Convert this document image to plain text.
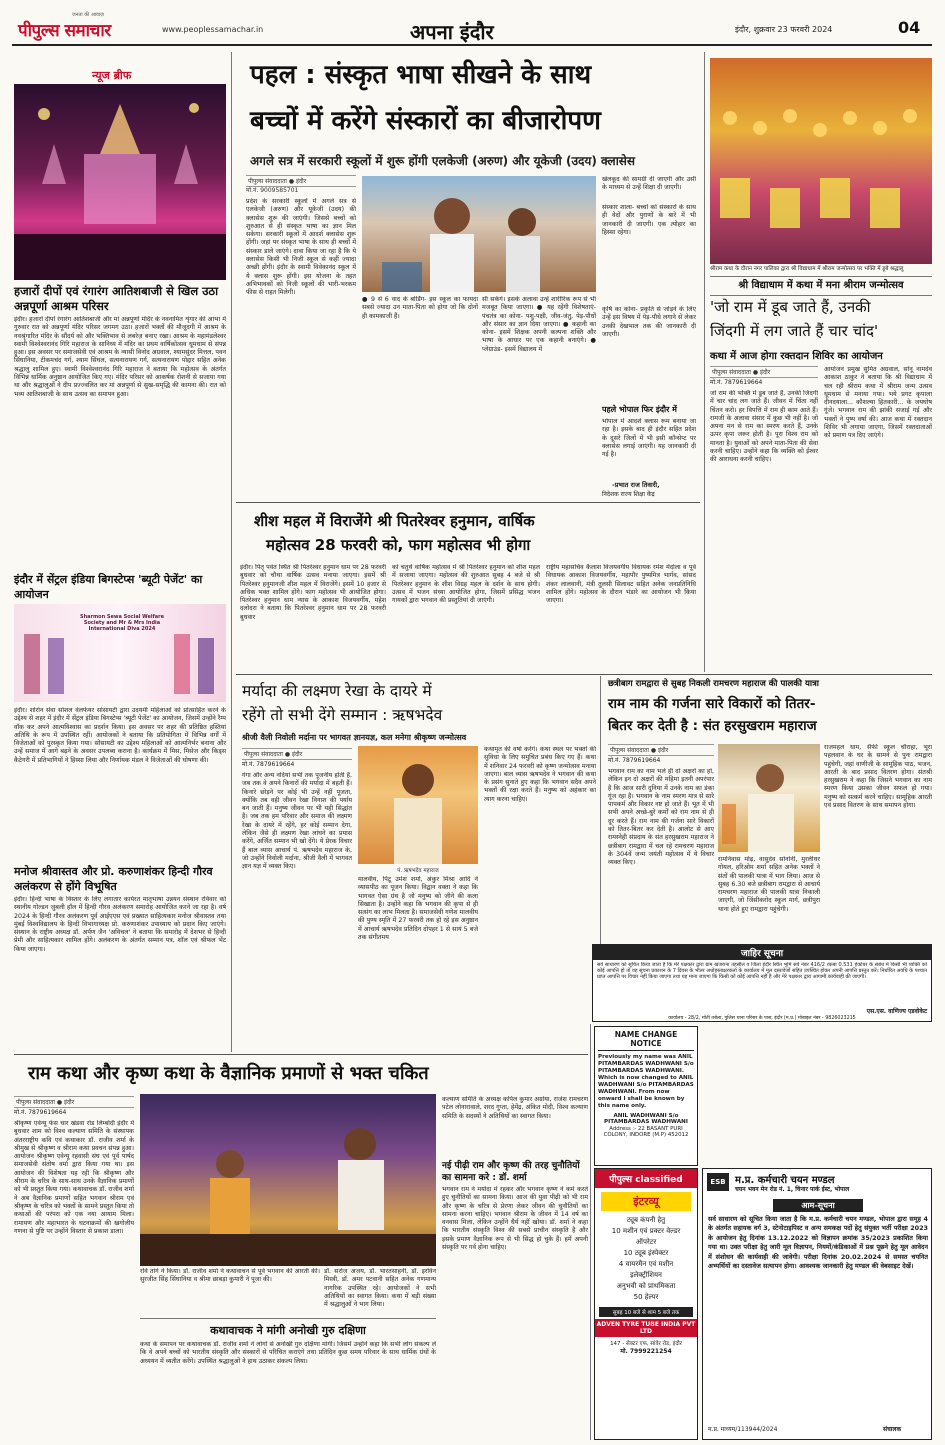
पीपुल्स समाचार
जनता की आवाज़
www.peoplessamachar.in	अपना इंदौर	इंदौर, शुक्रवार 23 फरवरी 2024	04
न्यूज ब्रीफ
हजारों दीपों एवं रंगारंग आतिशबाजी से खिल उठा अन्नपूर्णा आश्रम परिसर
इंदौर। हजारों दीपों रंगारंग आतिशबाजी और मां अन्नपूर्णा मंदिर के नवनामित शृंगार की आभा में गुरुवार रात को अन्नपूर्णा मंदिर परिसर जगमग उठा। हजारों भक्तों की मौजूदगी में आश्रम के नवश्रृंगारित मंदिर के सौंदर्य को और भक्तिभाव से लबरेज़ बनाए रखा। आश्रम के महामंडलेश्वर स्वामी विश्वेश्वरानंद गिरि महाराज के सानिध्य में मंदिर का प्रथम वार्षिकोत्सव धूमधाम से संपन्न हुआ। इस अवसर पर समाजसेवी एवं आश्रम के न्यासी विनोद अग्रवाल, श्यामसुंदर मित्तल, पवन सिंघानिया, टीकमचंद गर्ग, श्याम सिंघल, सत्यनारायण गर्ग, सत्यनारायण पोद्दार सहित अनेक श्रद्धालु शामिल हुए। स्वामी विश्वेश्वरानंद गिरि महाराज ने बताया कि महोत्सव के अंतर्गत विभिन्न धार्मिक अनुष्ठान आयोजित किए गए। मंदिर परिसर को आकर्षक रोशनी से सजाया गया था और श्रद्धालुओं ने दीप प्रज्ज्वलित कर मां अन्नपूर्णा से सुख-समृद्धि की कामना की। रात को भव्य आतिशबाजी के साथ उत्सव का समापन हुआ।
इंदौर में सेंट्रल इंडिया बिगस्टेप्स 'ब्यूटी पेजेंट' का आयोजन
Sharmon Sewa Social Welfare Society and Mr & Mrs India International Diva 2024
इंदौर। शोरोन सेवा सोशल वेलफेयर सोसायटी द्वारा उदयमी महिलाओं को प्रोत्साहित करने के उद्देश्य से शहर में इंदौर में सेंट्रल इंडिया बिगस्टेप्स 'ब्यूटी पेजेंट' का आयोजन, जिसमें उन्होंने रैम्प वॉक कर अपने आत्मविश्वास का प्रदर्शन किया। इस अवसर पर शहर की प्रतिष्ठित हस्तियां अतिथि के रूप में उपस्थित रहीं। आयोजकों ने बताया कि प्रतियोगिता में विभिन्न वर्गों में विजेताओं को पुरस्कृत किया गया। सोसायटी का उद्देश्य महिलाओं को आत्मनिर्भर बनाना और उन्हें समाज में आगे बढ़ने के अवसर उपलब्ध कराना है। कार्यक्रम में मिस, मिसेज और किड्स कैटेगरी में प्रतिभागियों ने हिस्सा लिया और निर्णायक मंडल ने विजेताओं की घोषणा की।
मनोज श्रीवास्तव और प्रो. करुणाशंकर हिन्दी गौरव अलंकरण से होंगे विभूषित
इंदौर। हिन्दी भाषा के विस्तार के लिए लगातार कार्यरत मातृभाषा उन्नयन संस्थान रविवार को स्थानीय गोल्डन जुबली हॉल में हिन्दी गौरव अलंकरण समारोह आयोजित करने जा रहा है। वर्ष 2024 के हिन्दी गौरव अलंकरण पूर्व आईएएस एवं प्रख्यात साहित्यकार मनोज श्रीवास्तव तथा मुंबई विश्वविद्यालय के हिन्दी विभागाध्यक्ष प्रो. करुणाशंकर उपाध्याय को प्रदान किए जाएंगे। संस्थान के राष्ट्रीय अध्यक्ष डॉ. अर्पण जैन 'अविचल' ने बताया कि समारोह में देशभर से हिन्दी प्रेमी और साहित्यकार शामिल होंगे। अलंकरण के अंतर्गत सम्मान पत्र, शॉल एवं श्रीफल भेंट किया जाएगा।
पहल : संस्कृत भाषा सीखने के साथ
बच्चों में करेंगे संस्कारों का बीजारोपण
अगले सत्र में सरकारी स्कूलों में शुरू होंगी एलकेजी (अरुण) और यूकेजी (उदय) क्लासेस
पीपुल्स संवाददाता ● इंदौर
मो.नं. 9009585701
प्रदेश के सरकारी स्कूलों में अगले सत्र से एलकेजी (अरुण) और यूकेजी (उदय) की क्लासेस शुरू की जाएंगी। जिससे बच्चों को शुरुआत से ही संस्कृत भाषा का ज्ञान मिल सकेगा। सरकारी स्कूलों में आदर्श क्लासेस शुरू होंगी। जहां पर संस्कृत भाषा के साथ ही बच्चों में संस्कार डाले जाएंगे। दावा किया जा रहा है कि ये क्लासेस किसी भी निजी स्कूल से कहीं ज्यादा अच्छी होंगी। इंदौर के स्वामी विवेकानंद स्कूल में ये क्लास शुरू होंगी। इस योजना के तहत अभिभावकों को निजी स्कूलों की भारी-भरकम फीस से राहत मिलेगी।
खेलकूद की सामग्री दी जाएगी और उसी के माध्यम से उन्हें शिक्षा दी जाएगी।
संस्कार शाला- बच्चों को संस्कारों के साथ ही वेदों और पुराणों के बारे में भी जानकारी दी जाएगी। एक त्योहार का हिस्सा रहेगा।
कृषि का कोना- प्रकृति से जोड़ने के लिए उन्हें इस विषय में पेड़-पौधे लगाने से लेकर उनकी देखभाल तक की जानकारी दी जाएगी।
● 9 से 6 वाद के बोर्डिंग- इस स्कूल का फायदा सबसे ज्यादा उन माता-पिता को होगा जो कि दोनों ही कामकाजी हैं।
सी सकेंगे। इसके अलावा उन्हें शारीरिक रूप से भी मजबूत किया जाएगा। ● यह रहेंगी विशेषताएं- पंचतंत्र का कोना- पशु-पक्षी, जीव-जंतु, पेड़-पौधों और संसार का ज्ञान दिया जाएगा। ● कहानी का कोना- इसमें शिक्षक अपनी कल्पना शक्ति और भाषा के आधार पर एक कहानी बनाएंगे। ● प्लेग्राउंड- इसमें विद्यालय में
पहले भोपाल फिर इंदौर में
भोपाल में आदर्श क्लास रूम बनाया जा रहा है। इसके बाद ही इंदौर सहित प्रदेश के दूसरे जिलों में भी इसी कॉन्सेप्ट पर क्लासेस लगाई जाएंगी। यह जानकारी दी गई है।
-प्रभात राज तिवारी,
निदेशक राज्य शिक्षा केंद्र
श्रीराम कथा के दौरान नगर पालिका द्वारा श्री विद्याधाम में श्रीराम जन्मोत्सव पर भक्ति में डूबे श्रद्धालु
श्री विद्याधाम में कथा में मना श्रीराम जन्मोत्सव
'जो राम में डूब जाते हैं, उनकी
जिंदगी में लग जाते हैं चार चांद'
कथा में आज होगा रक्तदान शिविर का आयोजन
पीपुल्स संवाददाता ● इंदौर
मो.नं. 7879619664
जो राम की भक्ति में डूब जाते हैं, उनकी जिंदगी में चार चांद लग जाते हैं। जीवन में चिंता नहीं चिंतन करो। हर विपत्ति में राम ही काम आते हैं। रामजी के अलावा संसार में कुछ भी नहीं है। जो अपना मन से राम का स्मरण करते हैं, उनके ऊपर कृपा जरूर होती है। पूरा विश्व राम को मानता है। युवाओं को अपने माता-पिता की सेवा करनी चाहिए। उन्होंने कहा कि व्यक्ति को ईश्वर की आराधना करनी चाहिए।
आयोजन प्रमुख सुमित अग्रवाल, सोनू नामदेव आकाश ठाकुर ने बताया कि श्री विद्याधाम में चल रही श्रीराम कथा में श्रीराम जन्म उत्सव धूमधाम से मनाया गया। भये प्रगट कृपाला दीनदयाला... कौशल्या हितकारी... के जयघोष गूंजे। भगवान राम की झांकी सजाई गई और भक्तों ने पुष्प वर्षा की। आज कथा में रक्तदान शिविर भी लगाया जाएगा, जिसमें रक्तदाताओं को प्रमाण पत्र दिए जाएंगे।
शीश महल में विराजेंगे श्री पितरेश्वर हनुमान, वार्षिक
महोत्सव 28 फरवरी को, फाग महोत्सव भी होगा
इंदौर। पितृ पर्वत स्थित श्री पितरेश्वर हनुमान धाम पर 28 फरवरी बुधवार को चौथा वार्षिक उत्सव मनाया जाएगा। इसमें श्री पितरेश्वर हनुमानजी शीश महल में विराजेंगे। इसमें 10 हजार से अधिक भक्त शामिल होंगे। फाग महोत्सव भी आयोजित होगा। पितरेश्वर हनुमान धाम न्यास के आकाश विजयवर्गीय, महेश दलोदरा ने बताया कि पितरेश्वर हनुमान धाम पर 28 फरवरी बुधवार
को चतुर्थ वार्षिक महोत्सव में श्री पितरेश्वर हनुमान को शीश महल में सजाया जाएगा। महोत्सव की शुरुआत सुबह 4 बजे से श्री पितरेश्वर हनुमान के शीश विग्रह महल के दर्शन के साथ होगी। उत्सव में भजन संध्या आयोजित होगा, जिसमें प्रसिद्ध भजन गायकों द्वारा भगवान की प्रस्तुतियां दी जाएंगी।
राष्ट्रीय महासचिव कैलाश विजयवर्गीय विधायक रमेश मेंदोला व पूर्व विधायक आकाश विजयवर्गीय, महापौर पुष्यमित्र भार्गव, सांसद शंकर लालवानी, मंत्री तुलसी सिलावट सहित अनेक जनप्रतिनिधि शामिल होंगे। महोत्सव के दौरान भंडारे का आयोजन भी किया जाएगा।
मर्यादा की लक्ष्मण रेखा के दायरे में
रहेंगे तो सभी देंगे सम्मान : ऋषभदेव
श्रीजी वैली निवोली मर्दाना पर भागवत ज्ञानयज्ञ, कल मनेगा श्रीकृष्ण जन्मोत्सव
पीपुल्स संवाददाता ● इंदौर
मो.नं. 7879619664
गंगा और अन्य नदियां सभी तक पूजनीय होती हैं, जब तक वे अपने किनारों की मर्यादा में बहती हैं। किनारे छोड़ने पर कोई भी उन्हें नहीं पूजता, क्योंकि तब वही जीवन रेखा विनाश की पर्याय बन जाती हैं। मनुष्य जीवन पर भी यही सिद्धांत है। जब तक हम परिवार और समाज की लक्ष्मण रेखा के दायरे में रहेंगे, हर कोई सम्मान देगा, लेकिन जैसे ही लक्ष्मण रेखा लांघने का प्रयास करेंगे, अर्जित सम्मान भी खो देंगे। ये प्रेरक विचार हैं बाल व्यास आचार्य पं. ऋषभदेव महाराज के, जो उन्होंने निवोली मर्दाना, श्रीजी वैली में भागवत ज्ञान यज्ञ में व्यक्त किए।
पं. ऋषभदेव महाराज
मालवीय, पिंटू उमेश शर्मा, अंकुर मिश्रा आदि ने व्यासपीठ का पूजन किया। विद्वान वक्ता ने कहा कि भागवत ऐसा ग्रंथ है जो मनुष्य को जीने की कला सिखाता है। उन्होंने कहा कि भगवान की कृपा से ही सत्संग का लाभ मिलता है। समाजसेवी गणेश मालवीय की पुण्य स्मृति में 27 फरवरी तक हो रहे इस अनुष्ठान में आचार्य ऋषभदेव प्रतिदिन दोपहर 1 से सायं 5 बजे तक संगीतमय
कथामृत की वर्षा करेंगे। कथा स्थल पर भक्तों की सुविधा के लिए समुचित प्रबंध किए गए हैं। कथा में शनिवार 24 फरवरी को कृष्ण जन्मोत्सव मनाया जाएगा। बाल व्यास ऋषभदेव ने भगवान की कथा के प्रसंग सुनाते हुए कहा कि भगवान सदैव अपने भक्तों की रक्षा करते हैं। मनुष्य को अहंकार का त्याग करना चाहिए।
छत्रीबाग रामद्वारा से सुबह निकली रामचरण महाराज की पालकी यात्रा
राम नाम की गर्जना सारे विकारों को तितर-
बितर कर देती है : संत हरसुखराम महाराज
पीपुल्स संवाददाता ● इंदौर
मो.नं. 7879619664
भगवान राम का नाम भले ही दो अक्षरों का हो, लेकिन इन दो अक्षरों की महिमा इतनी अपरंपार है कि आज सारी दुनिया में उनके नाम का डंका गूंज रहा है। भगवान के नाम स्मरण मात्र से सारे पापकर्म और विकार नष्ट हो जाते हैं। भूत में भी सभी अपने अच्छे-बुरे कर्मों को राम नाम से ही दूर करते हैं। राम नाम की गर्जना सारे विकारों को तितर-बितर कर देती है। आलोट से आए रामस्नेही संप्रदाय के संत हरसुखराम महाराज ने छत्रीबाग रामद्वारा में चल रहे रामचरण महाराज के 304वें जन्म जयंती महोत्सव में ये विचार व्यक्त किए।	रामनिवास मोढ़, वासुदेव सोनोनी, मुरलीधर गोयल, हरिओम शर्मा सहित अनेक भक्तों ने संतों की पालकी यात्रा में भाग लिया। आज से सुबह 6.30 बजे छत्रीबाग रामद्वारा से आचार्य रामचरण महाराज की पालकी यात्रा निकाली जाएगी, जो जिंसीकरोद स्कूल मार्ग, छत्रीपुरा थाना होते हुए रामद्वारा पहुंचेगी।
राजमहल धाम, सैफी स्कूल चौराहा, भूरा पहलवान के घर के सामने से पुनः रामद्वारा पहुंचेगी, जहां वाणीजी के सामूहिक पाठ, भजन, आरती के बाद प्रसाद वितरण होगा। संतश्री हरसुखराम ने कहा कि जिसने भगवान का नाम स्मरण किया उसका जीवन सफल हो गया। मनुष्य को सत्कर्म करने चाहिए। सामूहिक आरती एवं प्रसाद वितरण के साथ समापन होगा।
जाहिर सूचना
सर्व साधारण को सूचित किया जाता है कि मेरे पक्षकार द्वारा ग्राम खजराना तहसील व जिला इंदौर स्थित भूमि सर्वे नंबर 416/2 रकबा 0.531 हेक्टेयर के संबंध में किसी भी व्यक्ति को कोई आपत्ति हो तो वह सूचना प्रकाशन के 7 दिवस के भीतर अधोहस्ताक्षरकर्ता के कार्यालय में मूल दस्तावेजों सहित उपस्थित होकर अपनी आपत्ति प्रस्तुत करें। निर्धारित अवधि के पश्चात प्राप्त आपत्ति पर विचार नहीं किया जाएगा तथा यह माना जाएगा कि किसी को कोई आपत्ति नहीं है और मेरे पक्षकार द्वारा आगामी कार्यवाही की जाएगी।
एस.एस. वाणिज्य एडवोकेट
कार्यालय - 28/2, मोती तबेला, पुलिस थाना परिसर के पास, इंदौर (म.प्र.) मोबाइल नंबर - 9826023215
राम कथा और कृष्ण कथा के वैज्ञानिक प्रमाणों से भक्त चकित
पीपुल्स संवाददाता ● इंदौर
मो.नं. 7879619664
श्रीकृष्ण एवेन्यू फेस चार खंडवा रोड लिम्बोदी इंदौर में बुधवार शाम को विश्व कल्याण समिति के संस्थापक अंतरराष्ट्रीय कवि एवं कथाकार डॉ. राजीव शर्मा के श्रीमुख से श्रीकृष्ण व श्रीराम कथा प्रवचन संपन्न हुआ। आयोजन श्रीकृष्ण एवेन्यू रहवासी संघ एवं पूर्व पार्षद समाजसेवी संतोष वर्मा द्वारा किया गया था। इस आयोजन की विशेषता यह रही कि श्रीकृष्ण और श्रीराम के चरित्र के साथ-साथ उनके वैज्ञानिक प्रमाणों को भी प्रस्तुत किया गया। कथावाचक डॉ. राजीव शर्मा ने अब वैज्ञानिक प्रमाणों सहित भगवान श्रीराम एवं श्रीकृष्ण के चरित्र को भक्तों के सामने प्रस्तुत किया तो कथाओं की परंपरा को एक नया आयाम मिला। रामायण और महाभारत के घटनाक्रमों की खगोलीय गणना से पुष्टि पर उन्होंने विस्तार से प्रकाश डाला।
रवि तांगे ने किया। डॉ. राजीव शर्मा ने कथावाचन से पूर्व भगवान की आरती की। सुरजीत सिंह सिंघानिया व श्रीमा छाबड़ा कुमारी ने पूजा की।
डॉ. सरोज अजय, डॉ. भारतसाहनी, डॉ. इरविन मिस्त्री, डॉ. अमर पटवानी सहित अनेक गणमान्य नागरिक उपस्थित रहे। आयोजकों ने सभी अतिथियों का स्वागत किया। कथा में बड़ी संख्या में श्रद्धालुओं ने भाग लिया।
कल्याण समिति के अध्यक्ष कपिल कुमार अग्रोया, राजेश रामचरण पटेल लोनारावाले, शरद गुप्ता, हेमेंद्र, अंकित मोदी, विश्व कल्याण समिति के सदस्यों ने अतिथियों का स्वागत किया।
नई पीढ़ी राम और कृष्ण की तरह चुनौतियों का सामना करे : डॉ. शर्मा
भगवान राम ने मर्यादा में रहकर और भगवान कृष्ण ने कर्म करते हुए चुनौतियों का सामना किया। आज की युवा पीढ़ी को भी राम और कृष्ण के चरित्र से प्रेरणा लेकर जीवन की चुनौतियों का सामना करना चाहिए। भगवान श्रीराम के जीवन में 14 वर्ष का वनवास मिला, लेकिन उन्होंने धैर्य नहीं खोया। डॉ. शर्मा ने कहा कि भारतीय संस्कृति विश्व की सबसे प्राचीन संस्कृति है और इसके प्रमाण वैज्ञानिक रूप से भी सिद्ध हो चुके हैं। हमें अपनी संस्कृति पर गर्व होना चाहिए।
कथावाचक ने मांगी अनोखी गुरु दक्षिणा
कथा के समापन पर कथावाचक डॉ. राजीव शर्मा ने लोगों से अनोखी गुरु दक्षिणा मांगी। जिसमें उन्होंने कहा कि सभी लोग संकल्प लें कि वे अपने बच्चों को भारतीय संस्कृति और संस्कारों से परिचित कराएंगे तथा प्रतिदिन कुछ समय परिवार के साथ धार्मिक ग्रंथों के अध्ययन में व्यतीत करेंगे। उपस्थित श्रद्धालुओं ने हाथ उठाकर संकल्प लिया।
NAME CHANGE NOTICE
Previously my name was ANIL PITAMBARDAS WADHWANI S/o PITAMBARDAS WADHWANI. Which is now changed to ANIL WADHWANI S/o PITAMBARDAS WADHWANI. From now onward I shall be known by this name only.
ANIL WADHWANI S/o
PITAMBARDAS WADHWANI
Address :- 22 BASANT PURI COLONY, INDORE (M.P) 452012
पीपुल्स classified
इंटरव्यू
ट्यूब कंपनी हेतु
10 मशीन एवं प्रक्टर वेल्डर
ऑपरेटर
10 ट्यूब इंस्पेक्टर
4 वायरमैन एवं मशीन
इलेक्ट्रीशियन
अनुभवी को प्राथमिकता
50 हेल्पर
सुबह 10 बजे से शाम 5 बजे तक
ADVEN TYRE TUBE INDIA PVT LTD
147 - सेक्टर एफ, सांवेर रोड, इंदौर
मो. 7999221254
ESB म.प्र. कर्मचारी चयन मण्डल
चयन भवन मेन रोड नं. 1, चिनार पार्क ईस्ट, भोपाल
आम-सूचना
सर्व साधारण को सूचित किया जाता है कि म.प्र. कर्मचारी चयन मण्डल, भोपाल द्वारा समूह 4 के अंतर्गत सहायक वर्ग 3, स्टेनोटाइपिस्ट व अन्य समकक्ष पदों हेतु संयुक्त भर्ती परीक्षा 2023 के आयोजन हेतु दिनांक 13.12.2022 को विज्ञापन क्रमांक 35/2023 प्रकाशित किया गया था। उक्त परीक्षा हेतु जारी मूल विज्ञापन, नियमों/कंडिकाओं में प्रश्न पूछने हेतु मूल आवेदन में संशोधन की कार्यवाही की जावेगी। परीक्षा दिनांक 20.02.2024 से समस्त चयनित अभ्यर्थियों का दस्तावेज सत्यापन होगा। आवश्यक जानकारी हेतु मण्डल की वेबसाइट देखें।
म.प्र. माध्यम/113944/2024	संचालक
